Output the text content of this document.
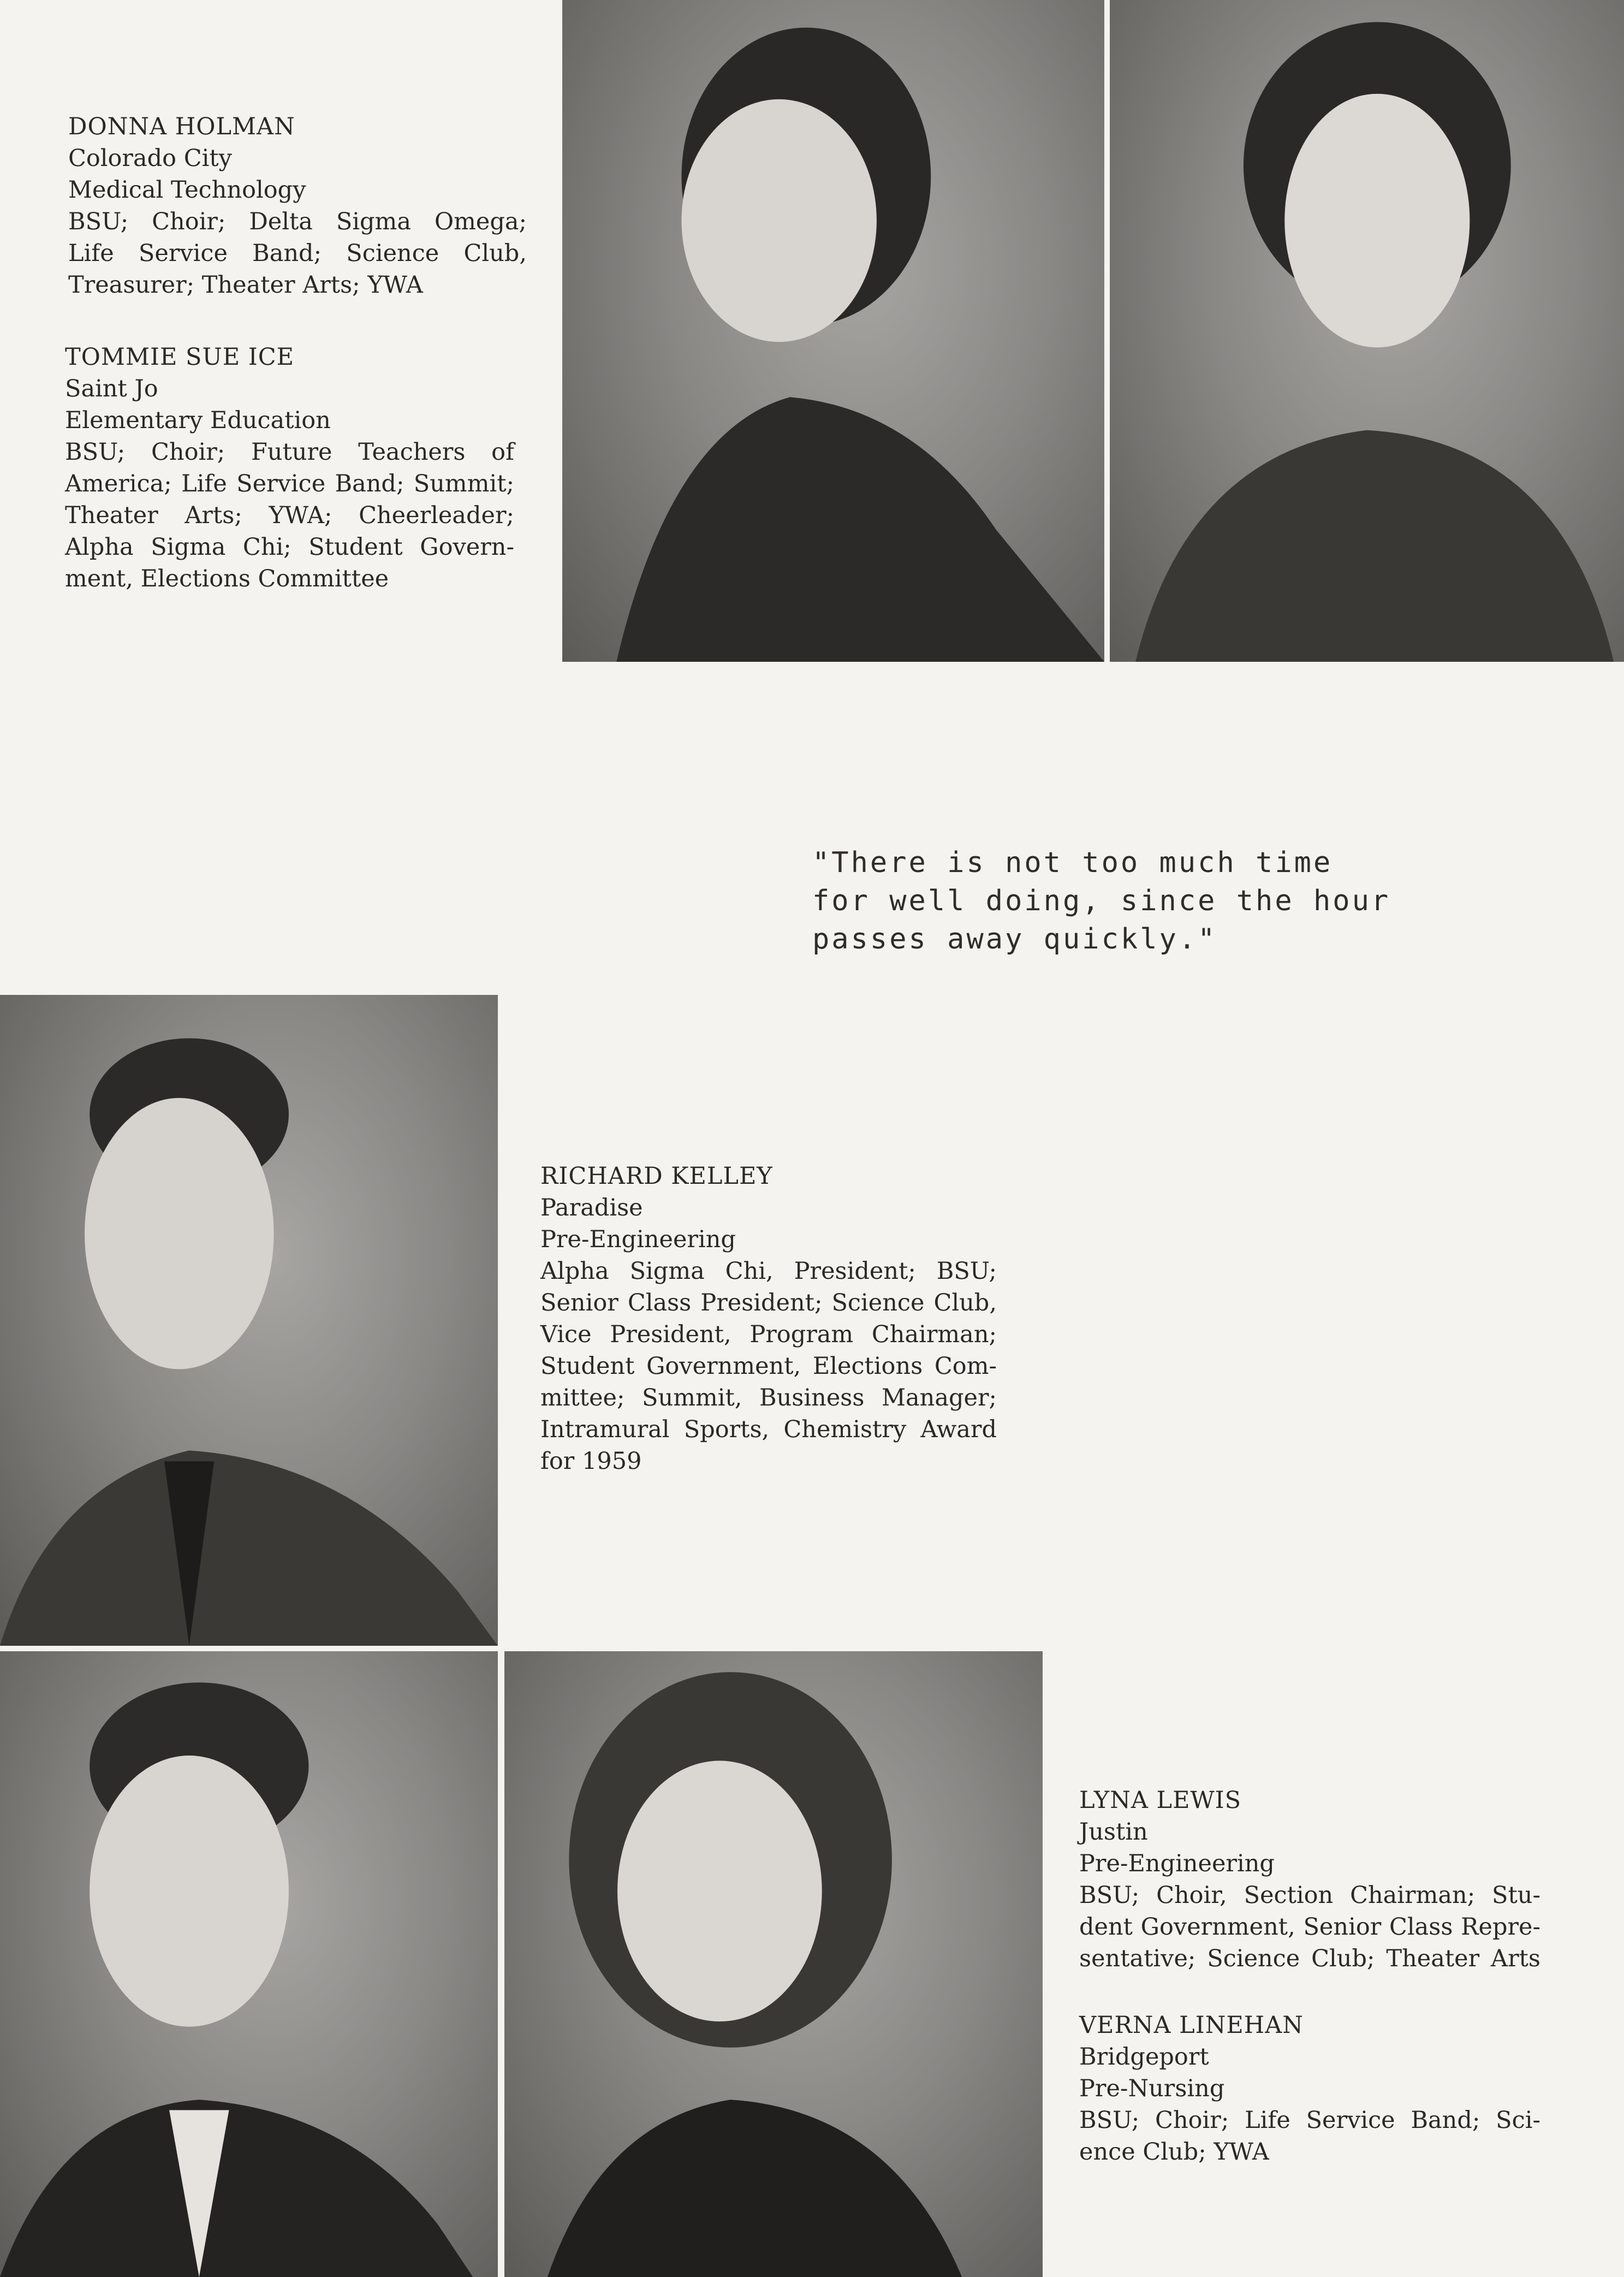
DONNA HOLMAN
Colorado City
Medical Technology
BSU; Choir; Delta Sigma Omega;
Life Service Band; Science Club,
Treasurer; Theater Arts; YWA
TOMMIE SUE ICE
Saint Jo
Elementary Education
BSU; Choir; Future Teachers of
America; Life Service Band; Summit;
Theater Arts; YWA; Cheerleader;
Alpha Sigma Chi; Student Govern-
ment, Elections Committee
"There is not too much time
for well doing, since the hour
passes away quickly."
RICHARD KELLEY
Paradise
Pre-Engineering
Alpha Sigma Chi, President; BSU;
Senior Class President; Science Club,
Vice President, Program Chairman;
Student Government, Elections Com-
mittee; Summit, Business Manager;
Intramural Sports, Chemistry Award
for 1959
LYNA LEWIS
Justin
Pre-Engineering
BSU; Choir, Section Chairman; Stu-
dent Government, Senior Class Repre-
sentative; Science Club; Theater Arts
VERNA LINEHAN
Bridgeport
Pre-Nursing
BSU; Choir; Life Service Band; Sci-
ence Club; YWA
